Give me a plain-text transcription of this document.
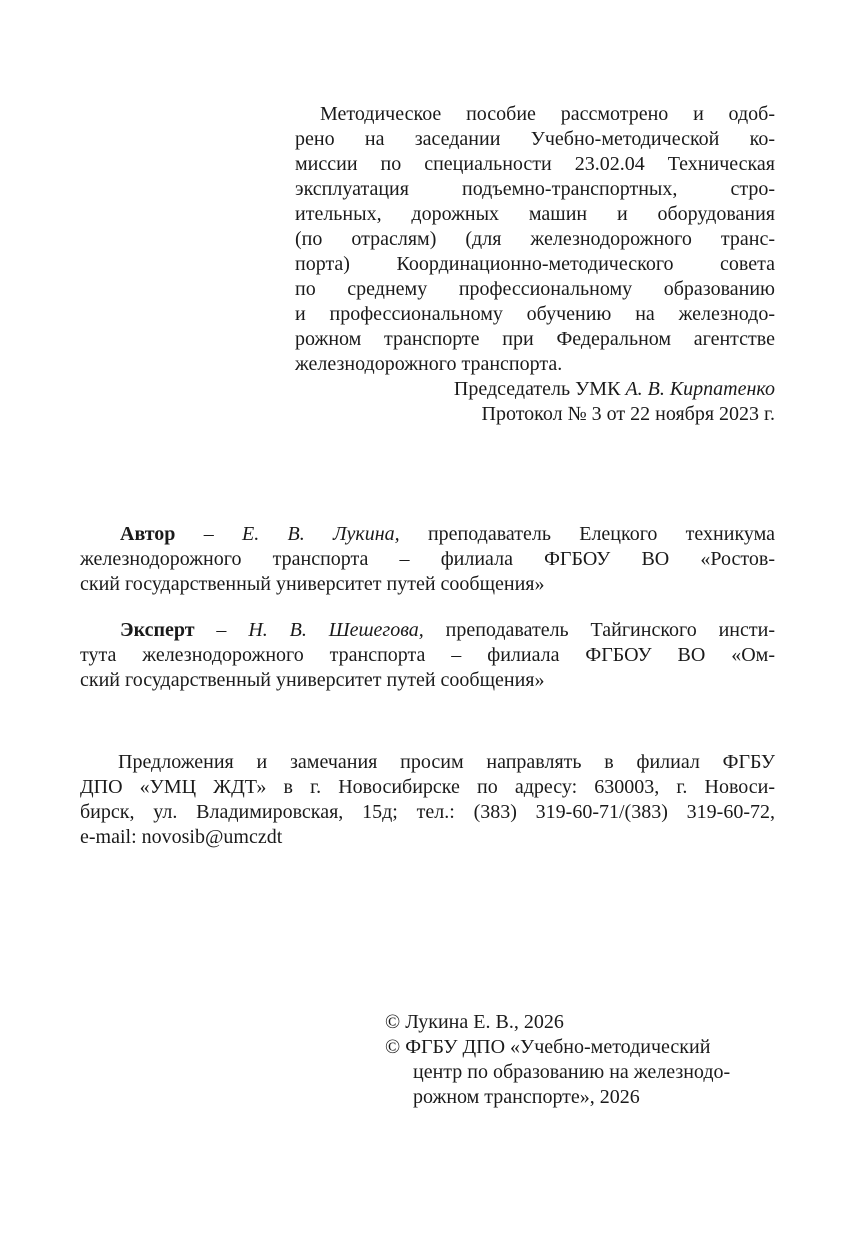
Методическое пособие рассмотрено и одоб-
рено на заседании Учебно-методической ко-
миссии по специальности 23.02.04 Техническая
эксплуатация подъемно-транспортных, стро-
ительных, дорожных машин и оборудования
(по отраслям) (для железнодорожного транс-
порта) Координационно-методического совета
по среднему профессиональному образованию
и профессиональному обучению на железнодо-
рожном транспорте при Федеральном агентстве
железнодорожного транспорта.
Председатель УМК А. В. Кирпатенко
Протокол № 3 от 22 ноября 2023 г.
Автор – Е. В. Лукина, преподаватель Елецкого техникума
железнодорожного транспорта – филиала ФГБОУ ВО «Ростов-
ский государственный университет путей сообщения»
Эксперт – Н. В. Шешегова, преподаватель Тайгинского инсти-
тута железнодорожного транспорта – филиала ФГБОУ ВО «Ом-
ский государственный университет путей сообщения»
Предложения и замечания просим направлять в филиал ФГБУ
ДПО «УМЦ ЖДТ» в г. Новосибирске по адресу: 630003, г. Новоси-
бирск, ул. Владимировская, 15д; тел.: (383) 319-60-71/(383) 319-60-72,
e-mail: novosib@umczdt
© Лукина Е. В., 2026
© ФГБУ ДПО «Учебно-методический
центр по образованию на железнодо-
рожном транспорте», 2026
